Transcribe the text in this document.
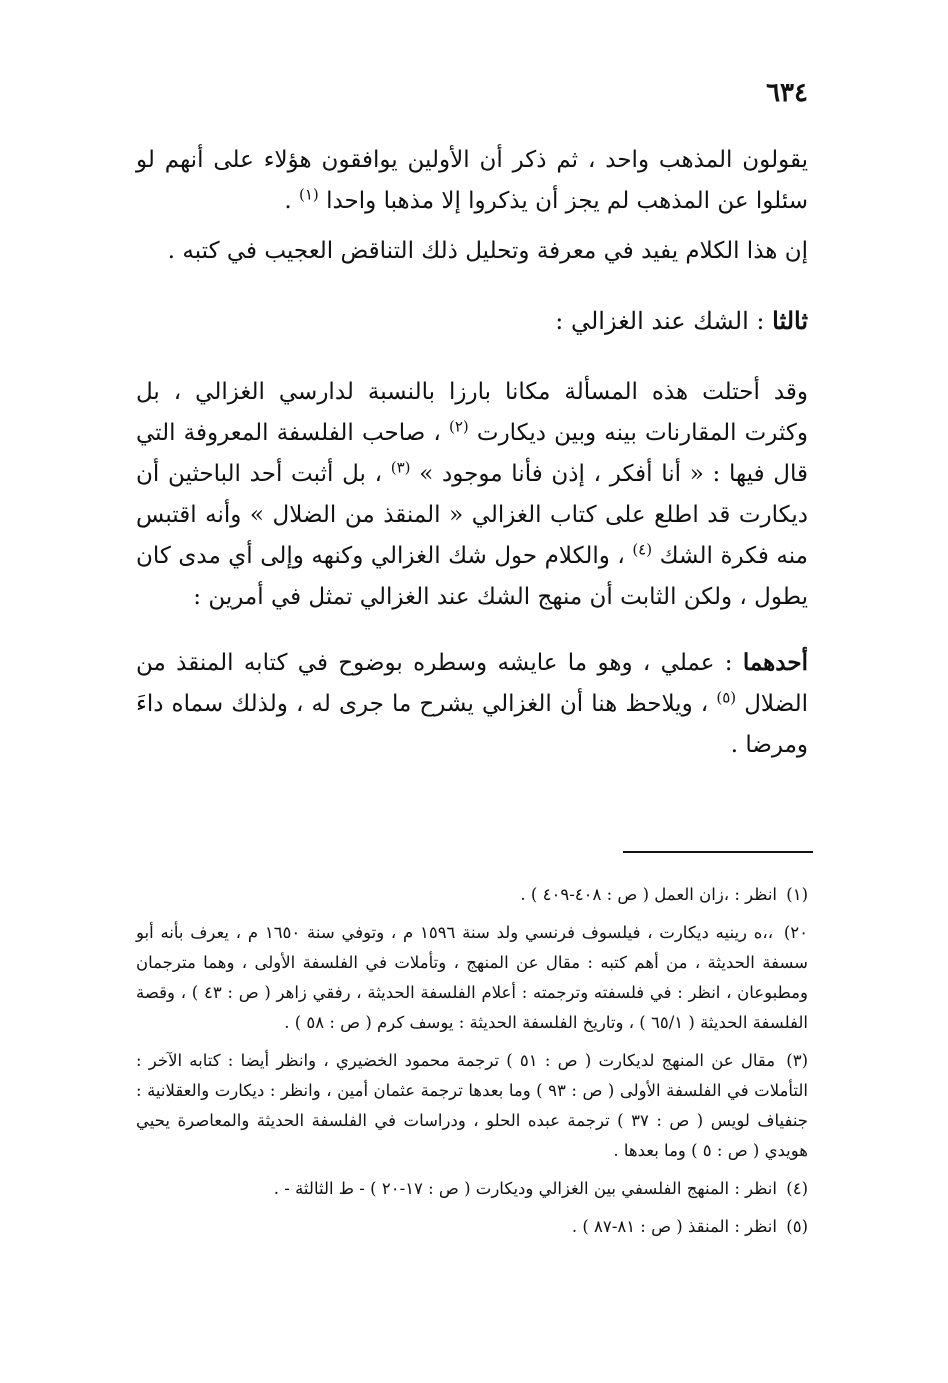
٦٣٤

يقولون المذهب واحد ، ثم ذكر أن الأولين يوافقون هؤلاء على أنهم لو سئلوا عن المذهب لم يجز أن يذكروا إلا مذهبا واحدا $^{(١)}$ .

إن هذا الكلام يفيد في معرفة وتحليل ذلك التناقض العجيب في كتبه .

ثالثا : الشك عند الغزالي :

وقد أحتلت هذه المسألة مكانا بارزا بالنسبة لدارسي الغزالي ، بل وكثرت المقارنات بينه وبين ديكارت $^{(٢)}$ ، صاحب الفلسفة المعروفة التي قال فيها : « أنا أفكر ، إذن فأنا موجود » $^{(٣)}$ ، بل أثبت أحد الباحثين أن ديكارت قد اطلع على كتاب الغزالي « المنقذ من الضلال » وأنه اقتبس منه فكرة الشك $^{(٤)}$ ، والكلام حول شك الغزالي وكنهه وإلى أي مدى كان يطول ، ولكن الثابت أن منهج الشك عند الغزالي تمثل في أمرين :

أحدهما : عملي ، وهو ما عايشه وسطره بوضوح في كتابه المنقذ من الضلال $^{(٥)}$ ، ويلاحظ هنا أن الغزالي يشرح ما جرى له ، ولذلك سماه داءَ ومرضا .

(١) انظر : ،زان العمل ( ص : ٤٠٨-٤٠٩ ) .

٢٠) ،،ه رينيه ديكارت ، فيلسوف فرنسي ولد سنة ١٥٩٦ م ، وتوفي سنة ١٦٥٠ م ، يعرف بأنه أبو سسفة الحديثة ، من أهم كتبه : مقال عن المنهج ، وتأملات في الفلسفة الأولى ، وهما مترجمان ومطبوعان ، انظر : في فلسفته وترجمته : أعلام الفلسفة الحديثة ، رفقي زاهر ( ص : ٤٣ ) ، وقصة الفلسفة الحديثة ( ٦٥/١ ) ، وتاريخ الفلسفة الحديثة : يوسف كرم ( ص : ٥٨ ) .

(٣) مقال عن المنهج لديكارت ( ص : ٥١ ) ترجمة محمود الخضيري ، وانظر أيضا : كتابه الآخر : التأملات في الفلسفة الأولى ( ص : ٩٣ ) وما بعدها ترجمة عثمان أمين ، وانظر : ديكارت والعقلانية : جنفياف لويس ( ص : ٣٧ ) ترجمة عبده الحلو ، ودراسات في الفلسفة الحديثة والمعاصرة يحيي هويدي ( ص : ٥ ) وما بعدها .

(٤) انظر : المنهج الفلسفي بين الغزالي وديكارت ( ص : ١٧-٢٠ ) - ط الثالثة - .

(٥) انظر : المنقذ ( ص : ٨١-٨٧ ) .
